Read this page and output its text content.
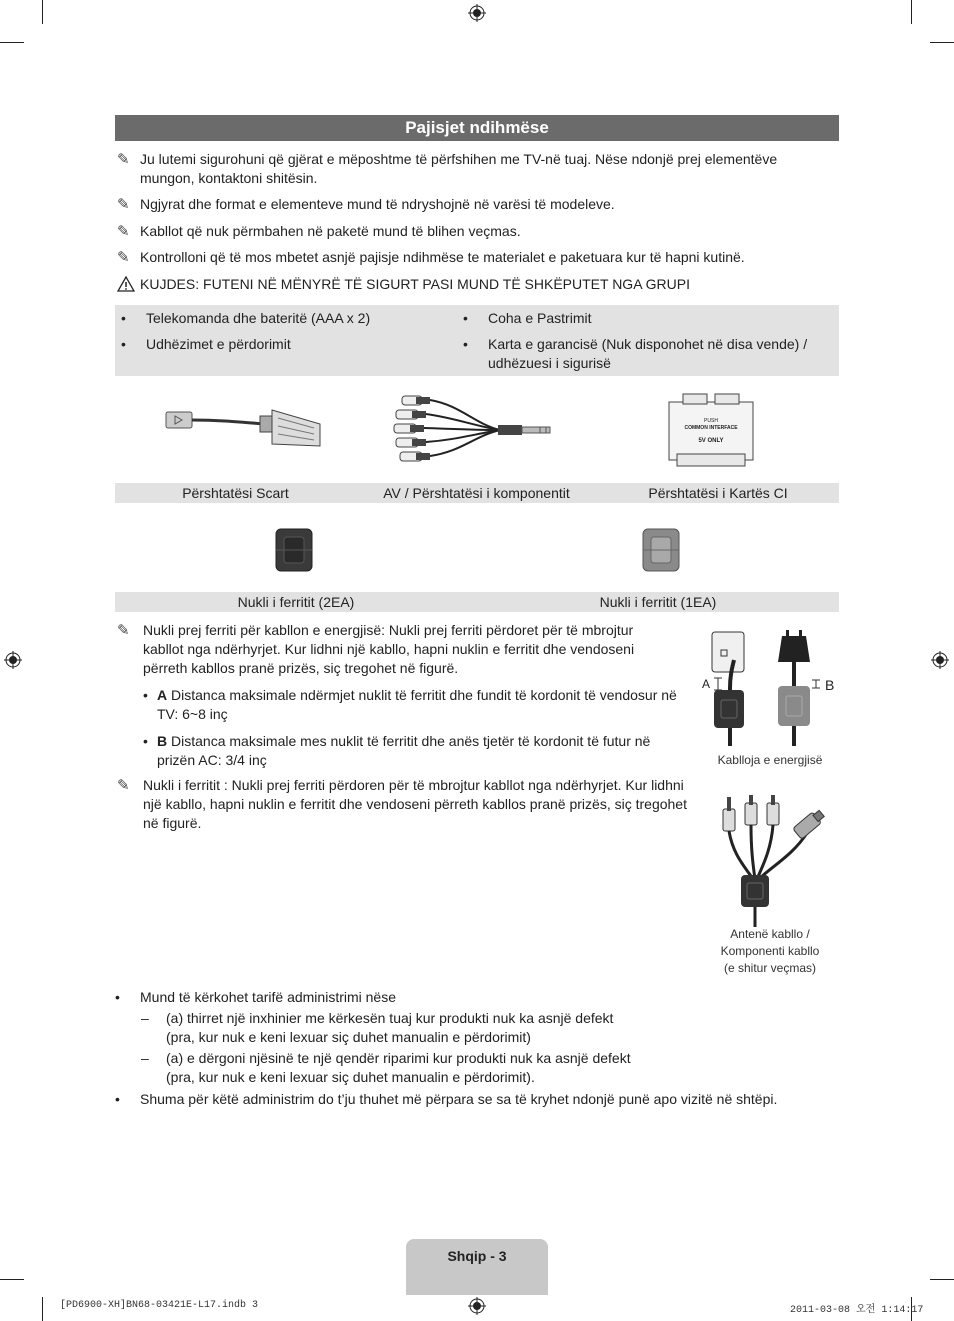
Pajisjet ndihmëse
✎ Ju lutemi sigurohuni që gjërat e mëposhtme të përfshihen me TV-në tuaj. Nëse ndonjë prej elementëve mungon, kontaktoni shitësin.
✎ Ngjyrat dhe format e elementeve mund të ndryshojnë në varësi të modeleve.
✎ Kabllot që nuk përmbahen në paketë mund të blihen veçmas.
✎ Kontrolloni që të mos mbetet asnjë pajisje ndihmëse te materialet e paketuara kur të hapni kutinë.
KUJDES: FUTENI NË MËNYRË TË SIGURT PASI MUND TË SHKËPUTET NGA GRUPI
•	Telekomanda dhe bateritë (AAA x 2)
•	Udhëzimet e përdorimit
•	Coha e Pastrimit
•	Karta e garancisë (Nuk disponohet në disa vende) / udhëzuesi i sigurisë
PUSH
COMMON INTERFACE
5V ONLY
Përshtatësi Scart	AV / Përshtatësi i komponentit	Përshtatësi i Kartës CI
Nukli i ferritit (2EA)	Nukli i ferritit (1EA)
✎ Nukli prej ferriti për kabllon e energjisë: Nukli prej ferriti përdoret për të mbrojtur kabllot nga ndërhyrjet. Kur lidhni një kabllo, hapni nuklin e ferritit dhe vendoseni përreth kabllos pranë prizës, siç tregohet në figurë.
• A Distanca maksimale ndërmjet nuklit të ferritit dhe fundit të kordonit të vendosur në TV: 6~8 inç
• B Distanca maksimale mes nuklit të ferritit dhe anës tjetër të kordonit të futur në prizën AC: 3/4 inç
✎ Nukli i ferritit : Nukli prej ferriti përdoren për të mbrojtur kabllot nga ndërhyrjet. Kur lidhni një kabllo, hapni nuklin e ferritit dhe vendoseni përreth kabllos pranë prizës, siç tregohet në figurë.
A	B
Kablloja e energjisë
Antenë kabllo /
Komponenti kabllo
(e shitur veçmas)
•	Mund të kërkohet tarifë administrimi nëse
–	(a) thirret një inxhinier me kërkesën tuaj kur produkti nuk ka asnjë defekt
(pra, kur nuk e keni lexuar siç duhet manualin e përdorimit)
–	(a) e dërgoni njësinë te një qendër riparimi kur produkti nuk ka asnjë defekt
(pra, kur nuk e keni lexuar siç duhet manualin e përdorimit).
•	Shuma për këtë administrim do t’ju thuhet më përpara se sa të kryhet ndonjë punë apo vizitë në shtëpi.
Shqip - 3
[PD6900-XH]BN68-03421E-L17.indb 3	2011-03-08 오전 1:14:17
